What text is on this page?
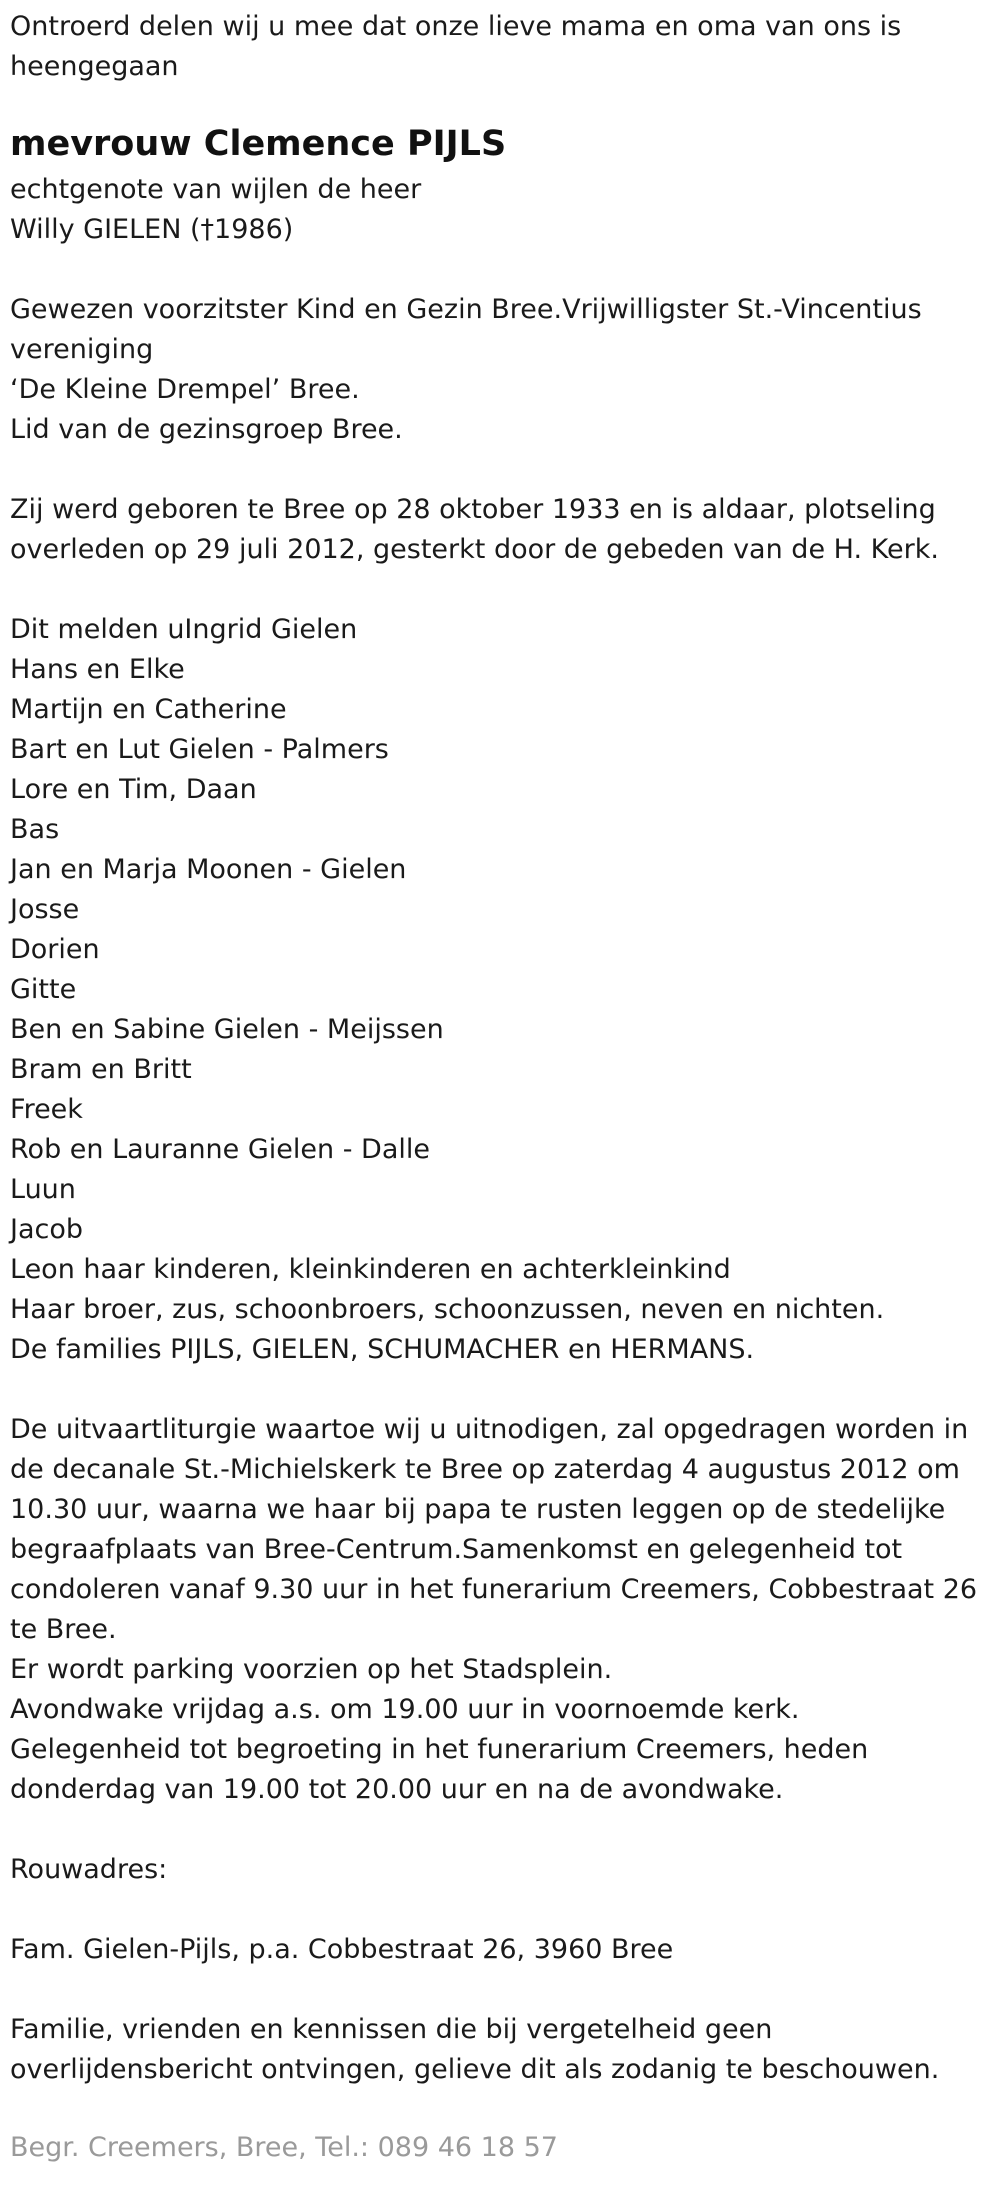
Ontroerd delen wij u mee dat onze lieve mama en oma van ons is
heengegaan
mevrouw Clemence PIJLS
echtgenote van wijlen de heer
Willy GIELEN (†1986)
Gewezen voorzitster Kind en Gezin Bree.Vrijwilligster St.-Vincentius
vereniging
‘De Kleine Drempel’ Bree.
Lid van de gezinsgroep Bree.
Zij werd geboren te Bree op 28 oktober 1933 en is aldaar, plotseling
overleden op 29 juli 2012, gesterkt door de gebeden van de H. Kerk.
Dit melden uIngrid Gielen
Hans en Elke
Martijn en Catherine
Bart en Lut Gielen - Palmers
Lore en Tim, Daan
Bas
Jan en Marja Moonen - Gielen
Josse
Dorien
Gitte
Ben en Sabine Gielen - Meijssen
Bram en Britt
Freek
Rob en Lauranne Gielen - Dalle
Luun
Jacob
Leon haar kinderen, kleinkinderen en achterkleinkind
Haar broer, zus, schoonbroers, schoonzussen, neven en nichten.
De families PIJLS, GIELEN, SCHUMACHER en HERMANS.
De uitvaartliturgie waartoe wij u uitnodigen, zal opgedragen worden in
de decanale St.-Michielskerk te Bree op zaterdag 4 augustus 2012 om
10.30 uur, waarna we haar bij papa te rusten leggen op de stedelijke
begraafplaats van Bree-Centrum.Samenkomst en gelegenheid tot
condoleren vanaf 9.30 uur in het funerarium Creemers, Cobbestraat 26
te Bree.
Er wordt parking voorzien op het Stadsplein.
Avondwake vrijdag a.s. om 19.00 uur in voornoemde kerk.
Gelegenheid tot begroeting in het funerarium Creemers, heden
donderdag van 19.00 tot 20.00 uur en na de avondwake.
Rouwadres:
Fam. Gielen-Pijls, p.a. Cobbestraat 26, 3960 Bree
Familie, vrienden en kennissen die bij vergetelheid geen
overlijdensbericht ontvingen, gelieve dit als zodanig te beschouwen.
Begr. Creemers, Bree, Tel.: 089 46 18 57
